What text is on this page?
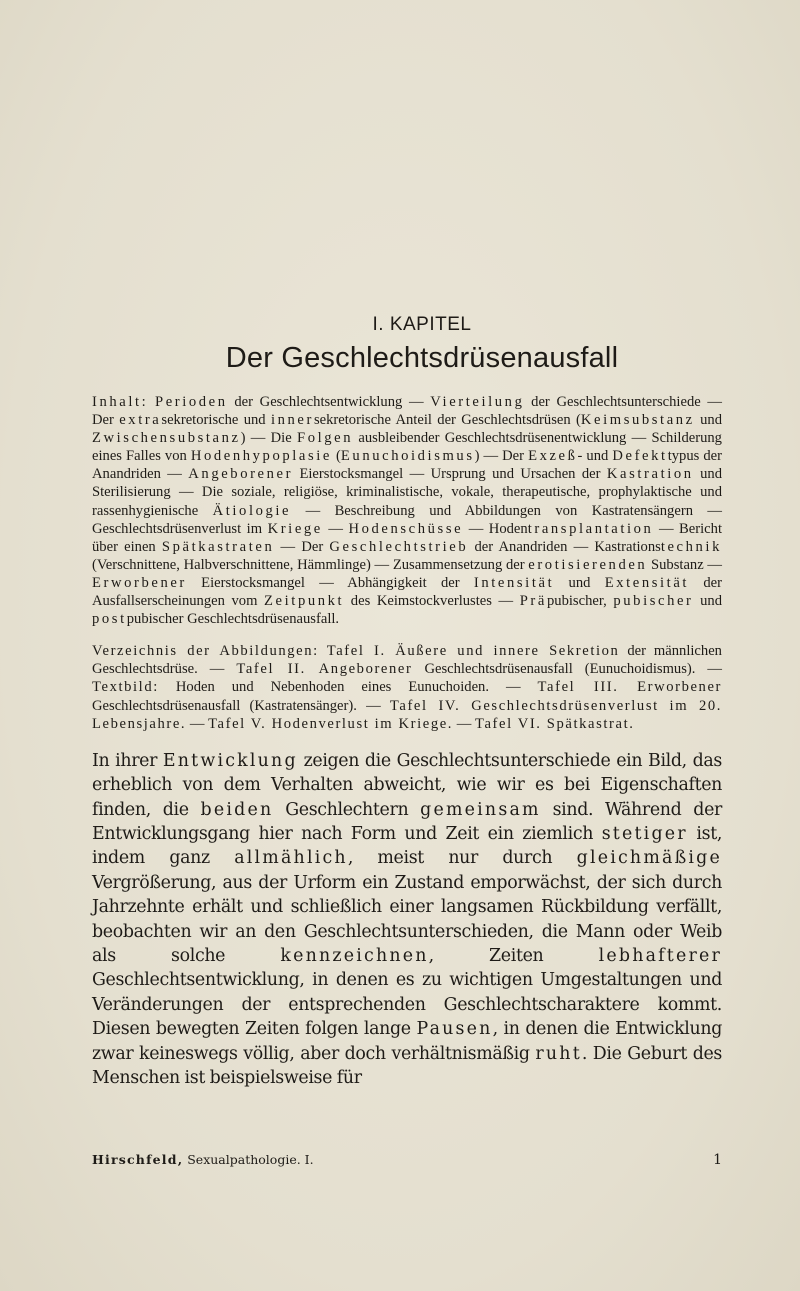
I. KAPITEL
Der Geschlechtsdrüsenausfall

Inhalt: Perioden der Geschlechtsentwicklung — Vierteilung der Geschlechtsunterschiede — Der extrasekretorische und innersekretorische Anteil der Geschlechtsdrüsen (Keimsubstanz und Zwischensubstanz) — Die Folgen ausbleibender Geschlechtsdrüsenentwicklung — Schilderung eines Falles von Hodenhypoplasie (Eunuchoidismus) — Der Exzeß- und Defekttypus der Anandriden — Angeborener Eierstocksmangel — Ursprung und Ursachen der Kastration und Sterilisierung — Die soziale, religiöse, kriminalistische, vokale, therapeutische, prophylaktische und rassenhygienische Ätiologie — Beschreibung und Abbildungen von Kastratensängern — Geschlechtsdrüsenverlust im Kriege — Hodenschüsse — Hodentransplantation — Bericht über einen Spätkastraten — Der Geschlechtstrieb der Anandriden — Kastrationstechnik (Verschnittene, Halbverschnittene, Hämmlinge) — Zusammensetzung der erotisierenden Substanz — Erworbener Eierstocksmangel — Abhängigkeit der Intensität und Extensität der Ausfallserscheinungen vom Zeitpunkt des Keimstockverlustes — Präpubischer, pubischer und postpubischer Geschlechtsdrüsenausfall.

Verzeichnis der Abbildungen: Tafel I. Äußere und innere Sekretion der männlichen Geschlechtsdrüse. — Tafel II. Angeborener Geschlechtsdrüsenausfall (Eunuchoidismus). — Textbild: Hoden und Nebenhoden eines Eunuchoiden. — Tafel III. Erworbener Geschlechtsdrüsenausfall (Kastratensänger). — Tafel IV. Geschlechtsdrüsenverlust im 20. Lebensjahre. — Tafel V. Hodenverlust im Kriege. — Tafel VI. Spätkastrat.

In ihrer Entwicklung zeigen die Geschlechtsunterschiede ein Bild, das erheblich von dem Verhalten abweicht, wie wir es bei Eigenschaften finden, die beiden Geschlechtern gemeinsam sind. Während der Entwicklungsgang hier nach Form und Zeit ein ziemlich stetiger ist, indem ganz allmählich, meist nur durch gleichmäßige Vergrößerung, aus der Urform ein Zustand emporwächst, der sich durch Jahrzehnte erhält und schließlich einer langsamen Rückbildung verfällt, beobachten wir an den Geschlechtsunterschieden, die Mann oder Weib als solche kennzeichnen, Zeiten lebhafterer Geschlechtsentwicklung, in denen es zu wichtigen Umgestaltungen und Veränderungen der entsprechenden Geschlechtscharaktere kommt. Diesen bewegten Zeiten folgen lange Pausen, in denen die Entwicklung zwar keineswegs völlig, aber doch verhältnismäßig ruht. Die Geburt des Menschen ist beispielsweise für

Hirschfeld, Sexualpathologie. I.	1
